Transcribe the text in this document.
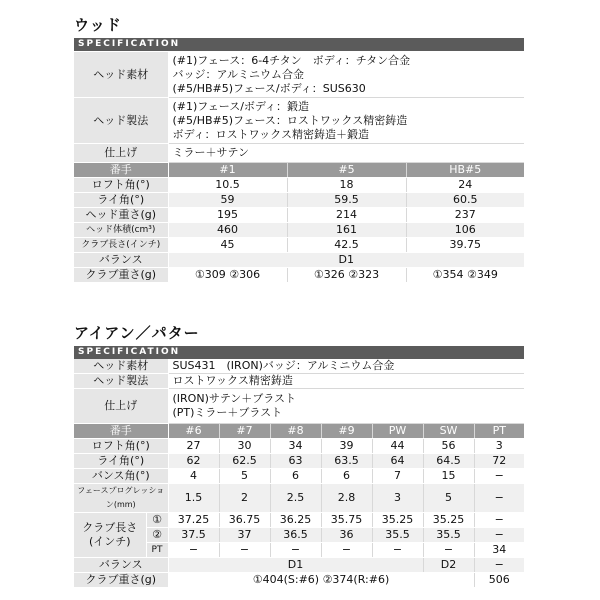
ウッド
SPECIFICATION
ヘッド素材	(#1)フェース：6-4チタン　ボディ：チタン合金
バッジ：アルミニウム合金
(#5/HB#5)フェース/ボディ：SUS630		

ヘッド製法	(#1)フェース/ボディ：鍛造
(#5/HB#5)フェース：ロストワックス精密鋳造
ボディ：ロストワックス精密鋳造＋鍛造		

仕上げ	ミラー＋サテン		
番手	#1	#5	HB#5
ロフト角(°)	10.5	18	24
ライ角(°)	59	59.5	60.5
ヘッド重さ(g)	195	214	237
ヘッド体積(cm³)	460	161	106
クラブ長さ(インチ)	45	42.5	39.75
バランス	D1		
クラブ重さ(g)	①309 ②306	①326 ②323	①354 ②349
アイアン／パター
SPECIFICATION
ヘッド素材		SUS431　(IRON)バッジ：アルミニウム合金						
ヘッド製法		ロストワックス精密鋳造						
仕上げ		(IRON)サテン＋ブラスト
(PT)ミラー＋ブラスト						

番手		#6	#7	#8	#9	PW	SW	PT
ロフト角(°)		27	30	34	39	44	56	3
ライ角(°)		62	62.5	63	63.5	64	64.5	72
バンス角(°)		4	5	6	6	7	15	−
フェースプログレッション(mm)		1.5	2	2.5	2.8	3	5	−

クラブ長さ
(インチ)	①	37.25	36.75	36.25	35.75	35.25	35.25	−
	②	37.5	37	36.5	36	35.5	35.5	−
	PT	−	−	−	−	−	−	34
バランス		D1					D2	−
クラブ重さ(g)		①404(S:#6) ②374(R:#6)						506
